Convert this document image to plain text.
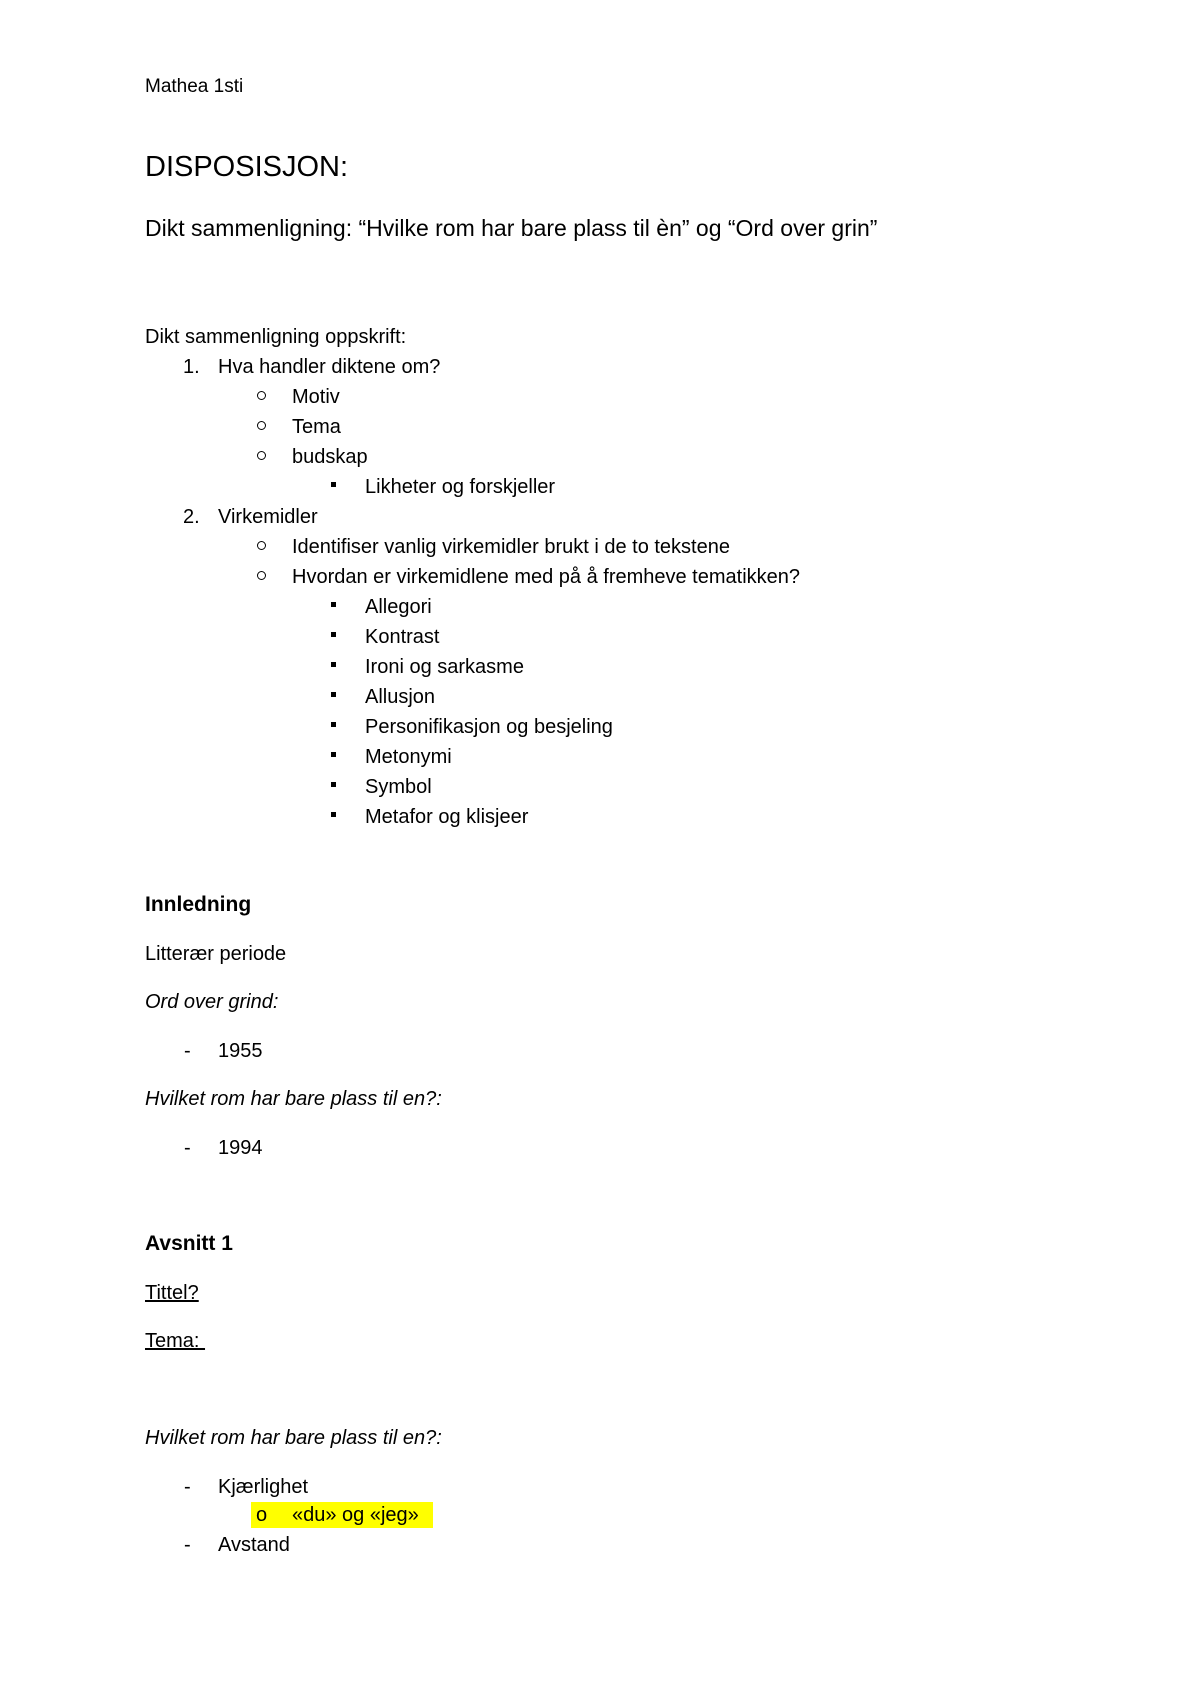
Mathea 1sti
DISPOSISJON:
Dikt sammenligning: “Hvilke rom har bare plass til èn” og “Ord over grin”
Dikt sammenligning oppskrift:
1. Hva handler diktene om?
Motiv
Tema
budskap
Likheter og forskjeller
2. Virkemidler
Identifiser vanlig virkemidler brukt i de to tekstene
Hvordan er virkemidlene med på å fremheve tematikken?
Allegori
Kontrast
Ironi og sarkasme
Allusjon
Personifikasjon og besjeling
Metonymi
Symbol
Metafor og klisjeer
Innledning
Litterær periode
Ord over grind:
- 1955
Hvilket rom har bare plass til en?:
- 1994
Avsnitt 1
Tittel?
Tema:
Hvilket rom har bare plass til en?:
- Kjærlighet
o «du» og «jeg»
- Avstand
